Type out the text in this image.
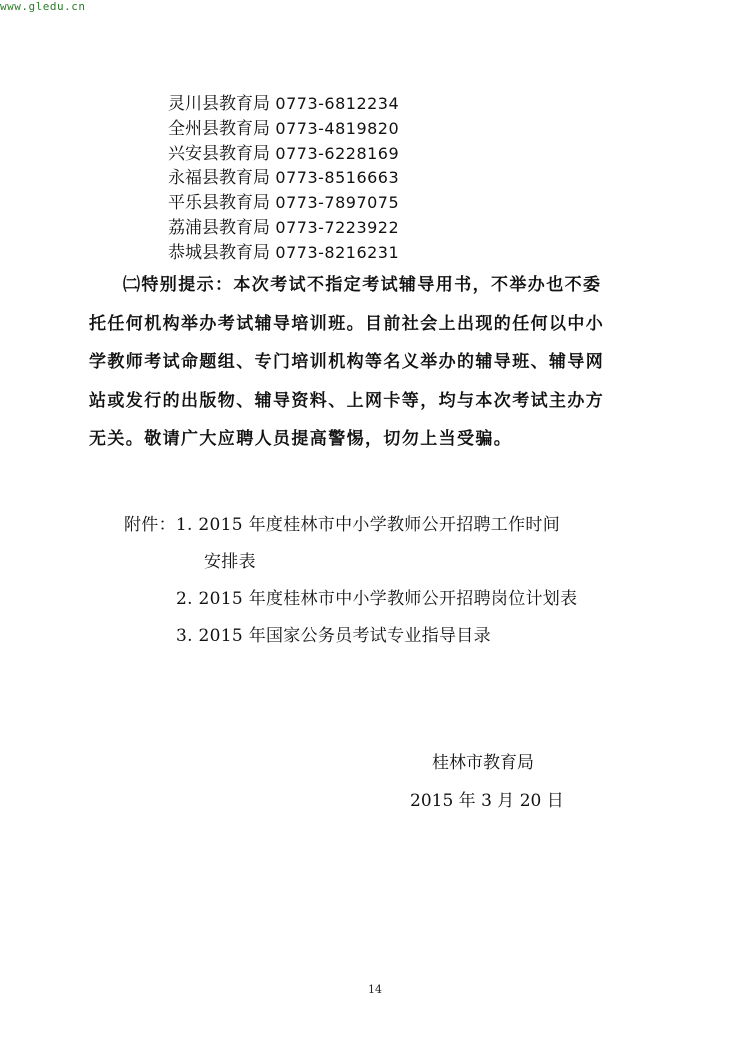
www.gledu.cn
灵川县教育局 0773-6812234
全州县教育局 0773-4819820
兴安县教育局 0773-6228169
永福县教育局 0773-8516663
平乐县教育局 0773-7897075
荔浦县教育局 0773-7223922
恭城县教育局 0773-8216231
㈡特别提示：本次考试不指定考试辅导用书，不举办也不委
托任何机构举办考试辅导培训班。目前社会上出现的任何以中小
学教师考试命题组、专门培训机构等名义举办的辅导班、辅导网
站或发行的出版物、辅导资料、上网卡等，均与本次考试主办方
无关。敬请广大应聘人员提高警惕，切勿上当受骗。
附件：1. 2015 年度桂林市中小学教师公开招聘工作时间
安排表
2. 2015 年度桂林市中小学教师公开招聘岗位计划表
3. 2015 年国家公务员考试专业指导目录
桂林市教育局
2015 年 3 月 20 日
14
